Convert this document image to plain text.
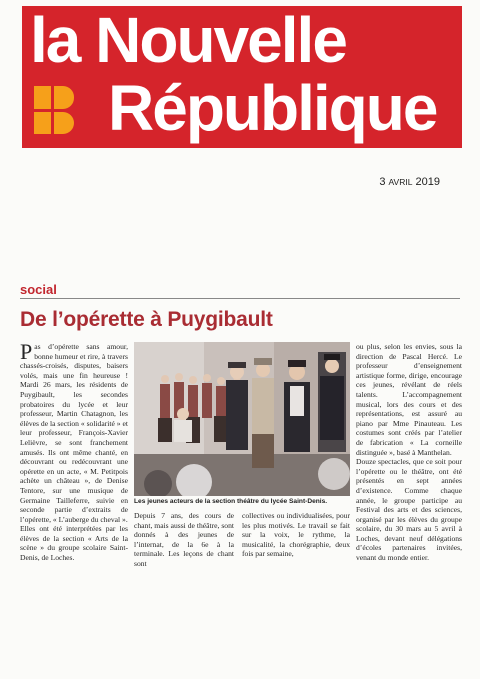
la Nouvelle
République
3 AVRIL 2019
social
De l’opérette à Puygibault

Pas d’opérette sans amour, bonne humeur et rire, à travers chassés-croisés, disputes, baisers volés, mais une fin heureuse ! Mardi 26 mars, les résidents de Puygibault, les secondes probatoires du lycée et leur professeur, Martin Chatagnon, les élèves de la section « solidarité » et leur professeur, François-Xavier Lelièvre, se sont franchement amusés. Ils ont même chanté, en découvrant ou redécouvrant une opérette en un acte, « M. Petitpois achète un château », de Denise Tentore, sur une musique de Germaine Tailleferre, suivie en seconde partie d’extraits de l’opérette, « L’auberge du cheval ».

Elles ont été interprétées par les élèves de la section « Arts de la scène » du groupe scolaire Saint-Denis, de Loches.

Les jeunes acteurs de la section théâtre du lycée Saint-Denis.
Depuis 7 ans, des cours de chant, mais aussi de théâtre, sont donnés à des jeunes de l’internat, de la 6e à la terminale. Les leçons de chant sont
collectives ou individualisées, pour les plus motivés. Le travail se fait sur la voix, le rythme, la musicalité, la chorégraphie, deux fois par semaine,

ou plus, selon les envies, sous la direction de Pascal Hercé. Le professeur d’enseignement artistique forme, dirige, encourage ces jeunes, révélant de réels talents. L’accompagnement musical, lors des cours et des représentations, est assuré au piano par Mme Pinauteau. Les costumes sont créés par l’atelier de fabrication « La corneille distinguée », basé à Manthelan.

Douze spectacles, que ce soit pour l’opérette ou le théâtre, ont été présentés en sept années d’existence. Comme chaque année, le groupe participe au Festival des arts et des sciences, organisé par les élèves du groupe scolaire, du 30 mars au 5 avril à Loches, devant neuf délégations d’écoles partenaires invitées, venant du monde entier.
